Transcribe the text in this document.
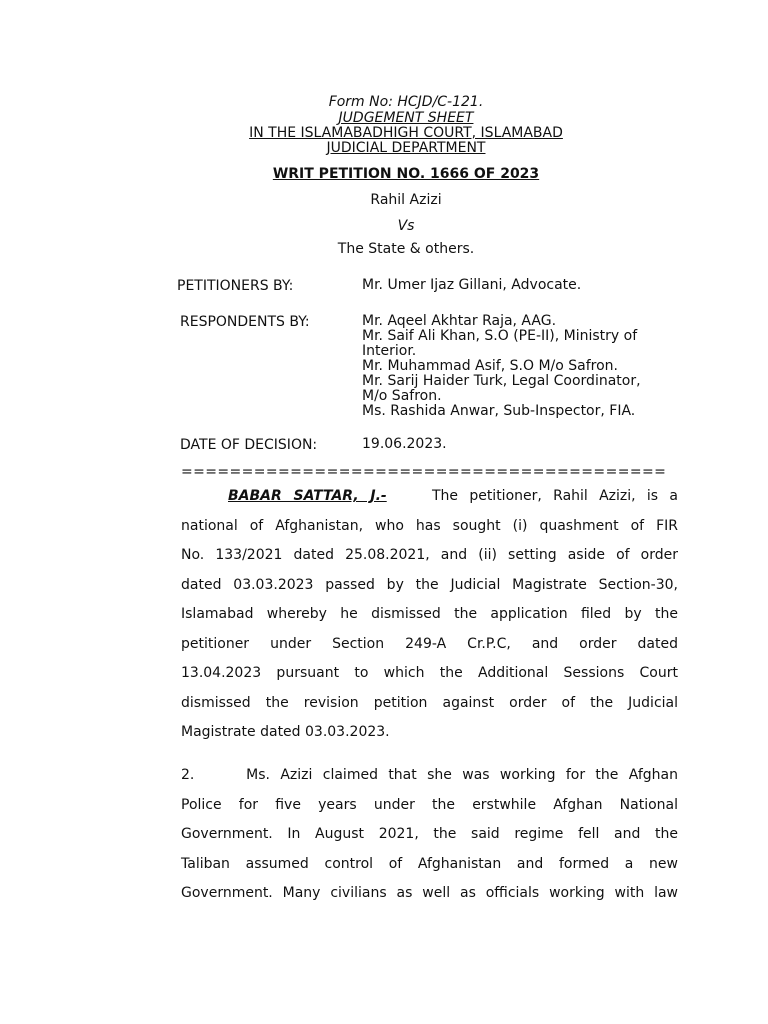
Form No: HCJD/C-121.
JUDGEMENT SHEET
IN THE ISLAMABADHIGH COURT, ISLAMABAD
JUDICIAL DEPARTMENT
WRIT PETITION NO. 1666 OF 2023
Rahil Azizi
Vs
The State & others.
PETITIONERS BY:	Mr. Umer Ijaz Gillani, Advocate.
RESPONDENTS BY:	Mr. Aqeel Akhtar Raja, AAG.
Mr. Saif Ali Khan, S.O (PE-II), Ministry of
Interior.
Mr. Muhammad Asif, S.O M/o Safron.
Mr. Sarij Haider Turk, Legal Coordinator,
M/o Safron.
Ms. Rashida Anwar, Sub-Inspector, FIA.
DATE OF DECISION:	19.06.2023.
========================================
BABAR SATTAR, J.-	The petitioner, Rahil Azizi, is a
national of Afghanistan, who has sought (i) quashment of FIR
No. 133/2021 dated 25.08.2021, and (ii) setting aside of order
dated 03.03.2023 passed by the Judicial Magistrate Section-30,
Islamabad whereby he dismissed the application filed by the
petitioner under Section 249-A Cr.P.C, and order dated
13.04.2023 pursuant to which the Additional Sessions Court
dismissed the revision petition against order of the Judicial
Magistrate dated 03.03.2023.
2.     Ms. Azizi claimed that she was working for the Afghan
Police for five years under the erstwhile Afghan National
Government. In August 2021, the said regime fell and the
Taliban assumed control of Afghanistan and formed a new
Government. Many civilians as well as officials working with law
